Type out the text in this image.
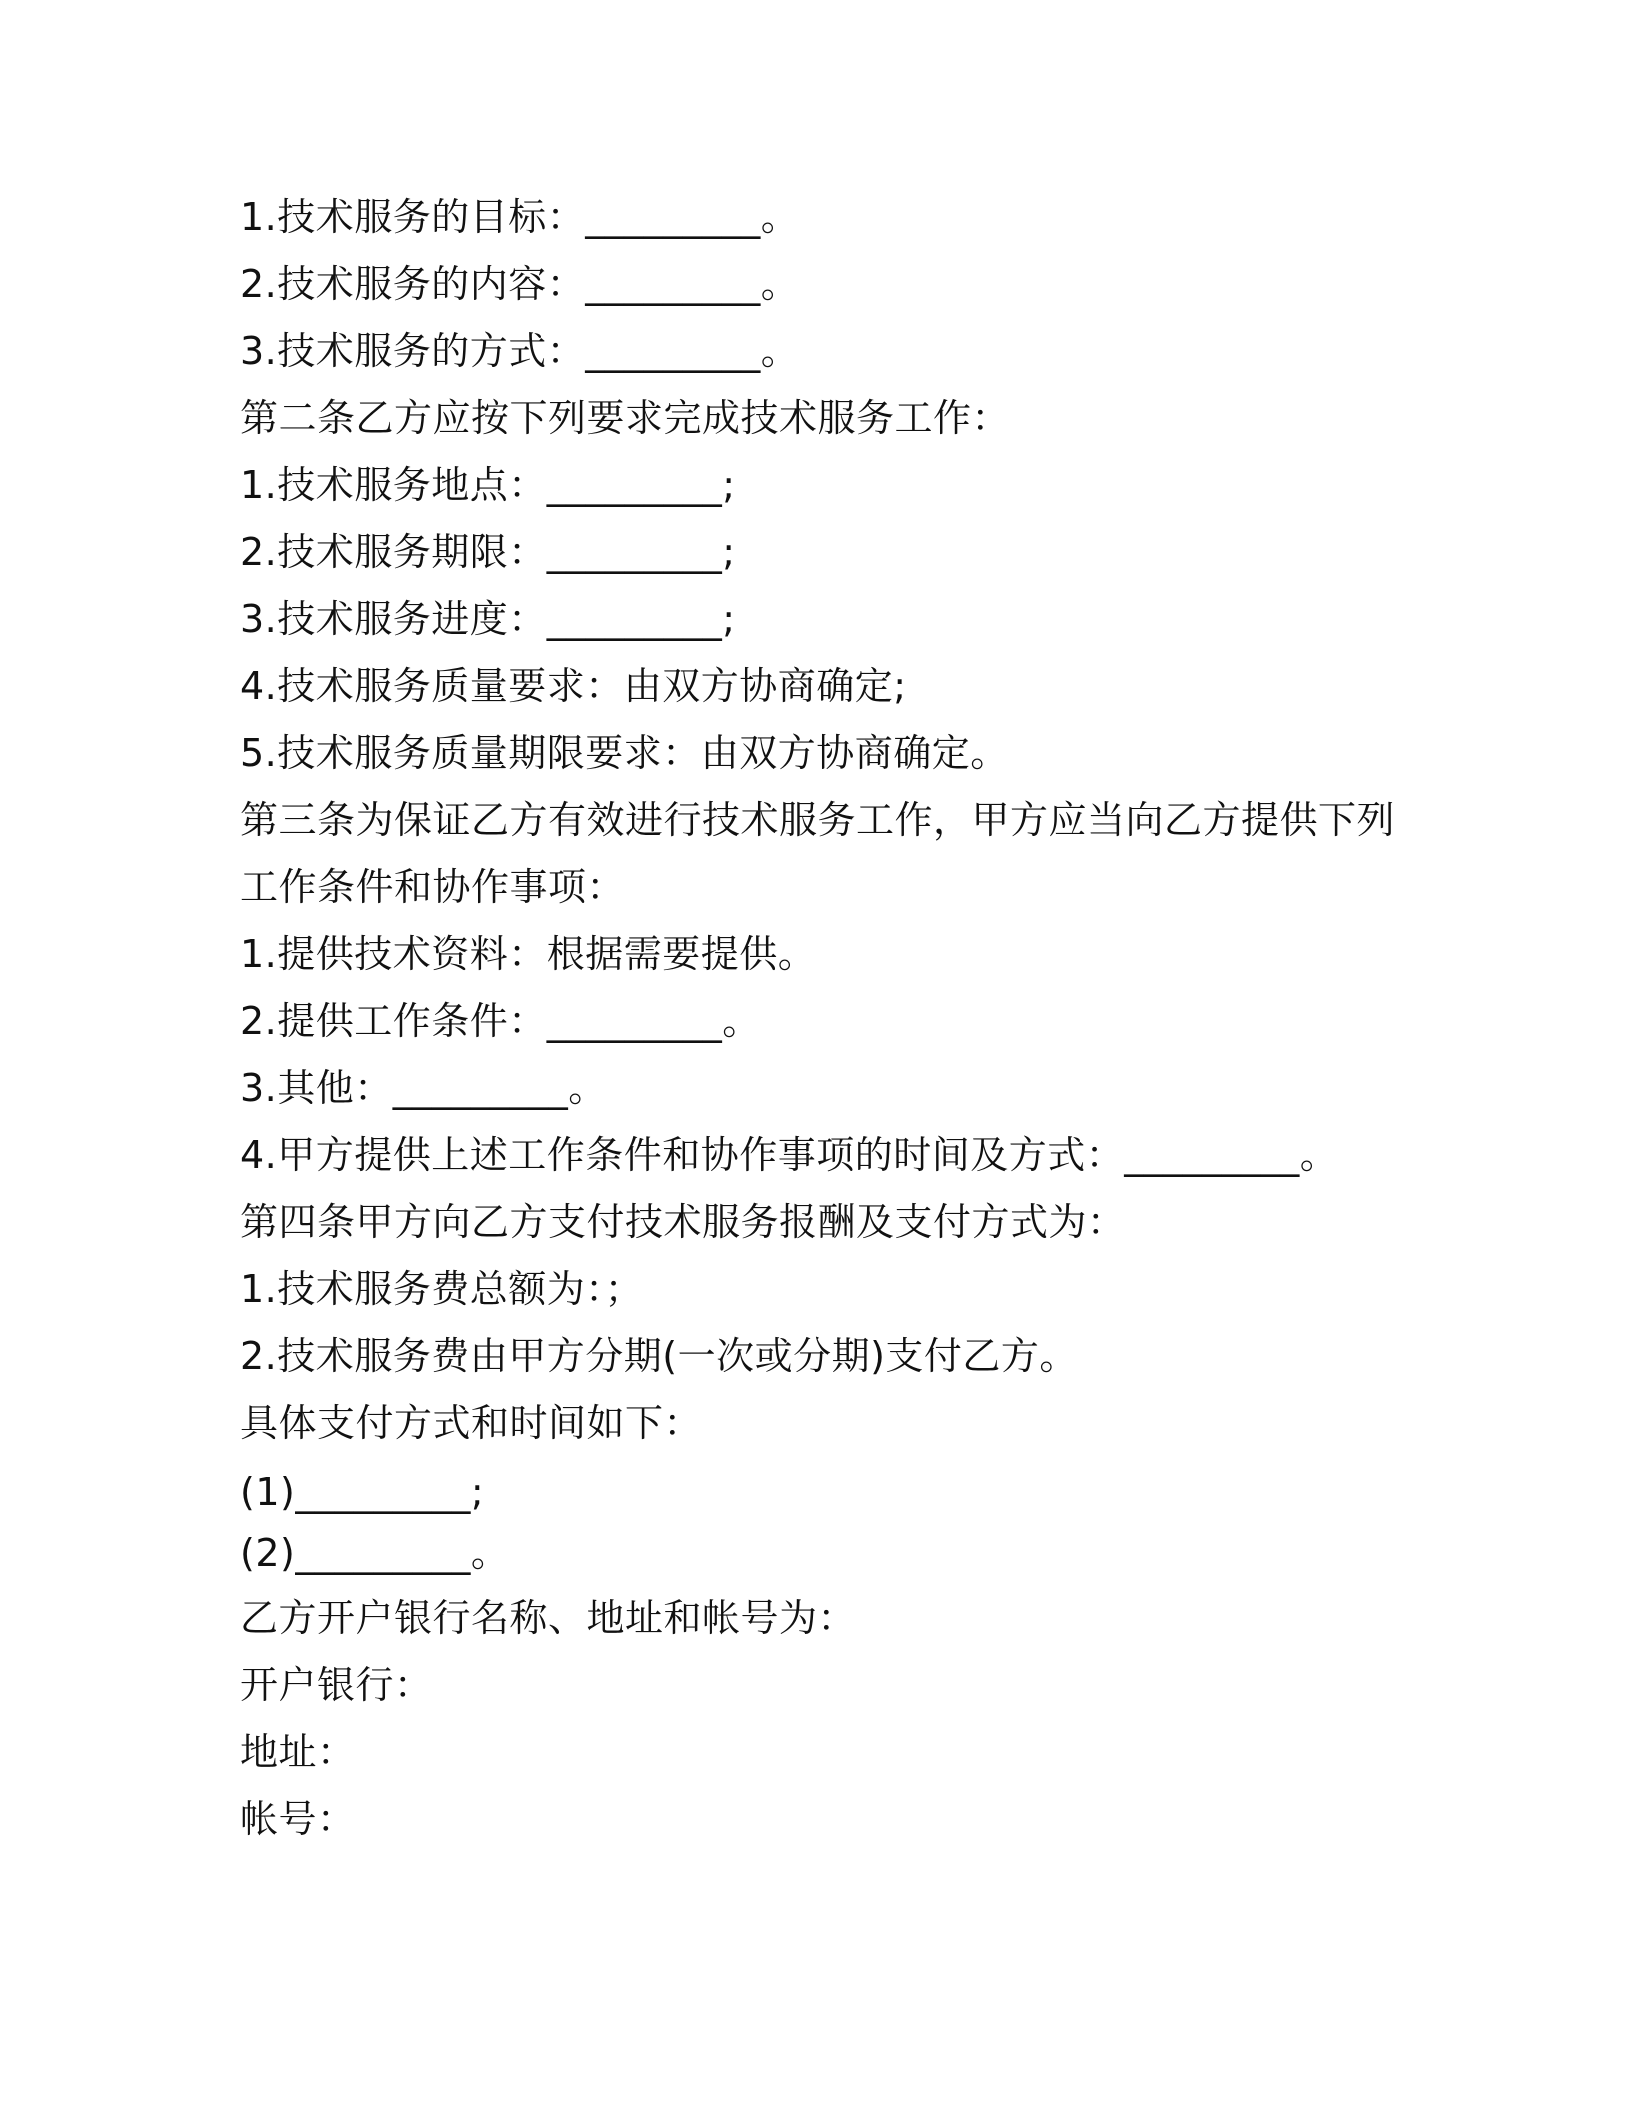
1.技术服务的目标：_________。
2.技术服务的内容：_________。
3.技术服务的方式：_________。
第二条乙方应按下列要求完成技术服务工作：
1.技术服务地点：_________;
2.技术服务期限：_________;
3.技术服务进度：_________;
4.技术服务质量要求：由双方协商确定;
5.技术服务质量期限要求：由双方协商确定。
第三条为保证乙方有效进行技术服务工作，甲方应当向乙方提供下列
工作条件和协作事项：
1.提供技术资料：根据需要提供。
2.提供工作条件：_________。
3.其他：_________。
4.甲方提供上述工作条件和协作事项的时间及方式：_________。
第四条甲方向乙方支付技术服务报酬及支付方式为：
1.技术服务费总额为：；
2.技术服务费由甲方分期(一次或分期)支付乙方。
具体支付方式和时间如下：
(1)_________;
(2)_________。
乙方开户银行名称、地址和帐号为：
开户银行：
地址：
帐号：
